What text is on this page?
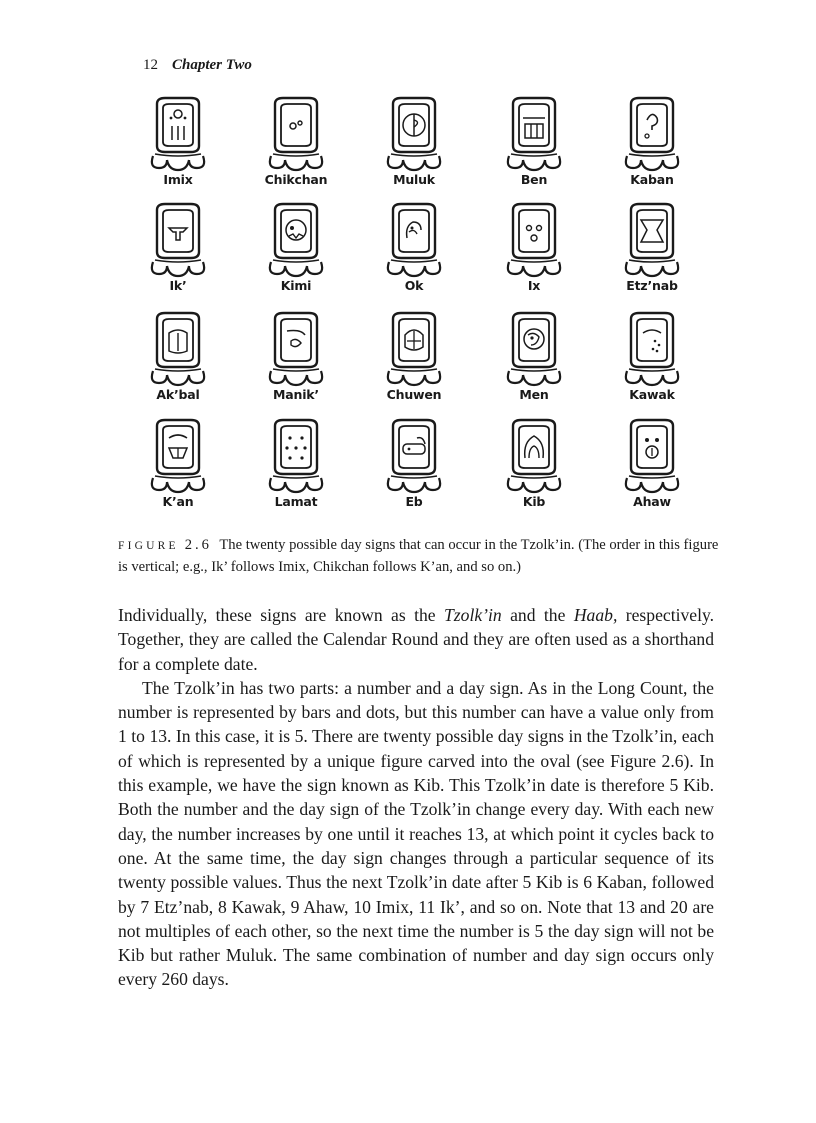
12 Chapter Two
Imix	Chikchan	Muluk	Ben	Kaban
Ik’	Kimi	Ok	Ix	Etz’nab
Ak’bal	Manik’	Chuwen	Men	Kawak
K’an	Lamat	Eb	Kib	Ahaw
FIGURE 2.6 The twenty possible day signs that can occur in the Tzolk’in. (The order in this figure is vertical; e.g., Ik’ follows Imix, Chikchan follows K’an, and so on.)

Individually, these signs are known as the Tzolk’in and the Haab, respectively. Together, they are called the Calendar Round and they are often used as a shorthand for a complete date.

The Tzolk’in has two parts: a number and a day sign. As in the Long Count, the number is represented by bars and dots, but this number can have a value only from 1 to 13. In this case, it is 5. There are twenty possible day signs in the Tzolk’in, each of which is represented by a unique figure carved into the oval (see Figure 2.6). In this example, we have the sign known as Kib. This Tzolk’in date is therefore 5 Kib. Both the number and the day sign of the Tzolk’in change every day. With each new day, the number increases by one until it reaches 13, at which point it cycles back to one. At the same time, the day sign changes through a particular sequence of its twenty possible values. Thus the next Tzolk’in date after 5 Kib is 6 Kaban, followed by 7 Etz’nab, 8 Kawak, 9 Ahaw, 10 Imix, 11 Ik’, and so on. Note that 13 and 20 are not multiples of each other, so the next time the number is 5 the day sign will not be Kib but rather Muluk. The same combination of number and day sign occurs only every 260 days.
